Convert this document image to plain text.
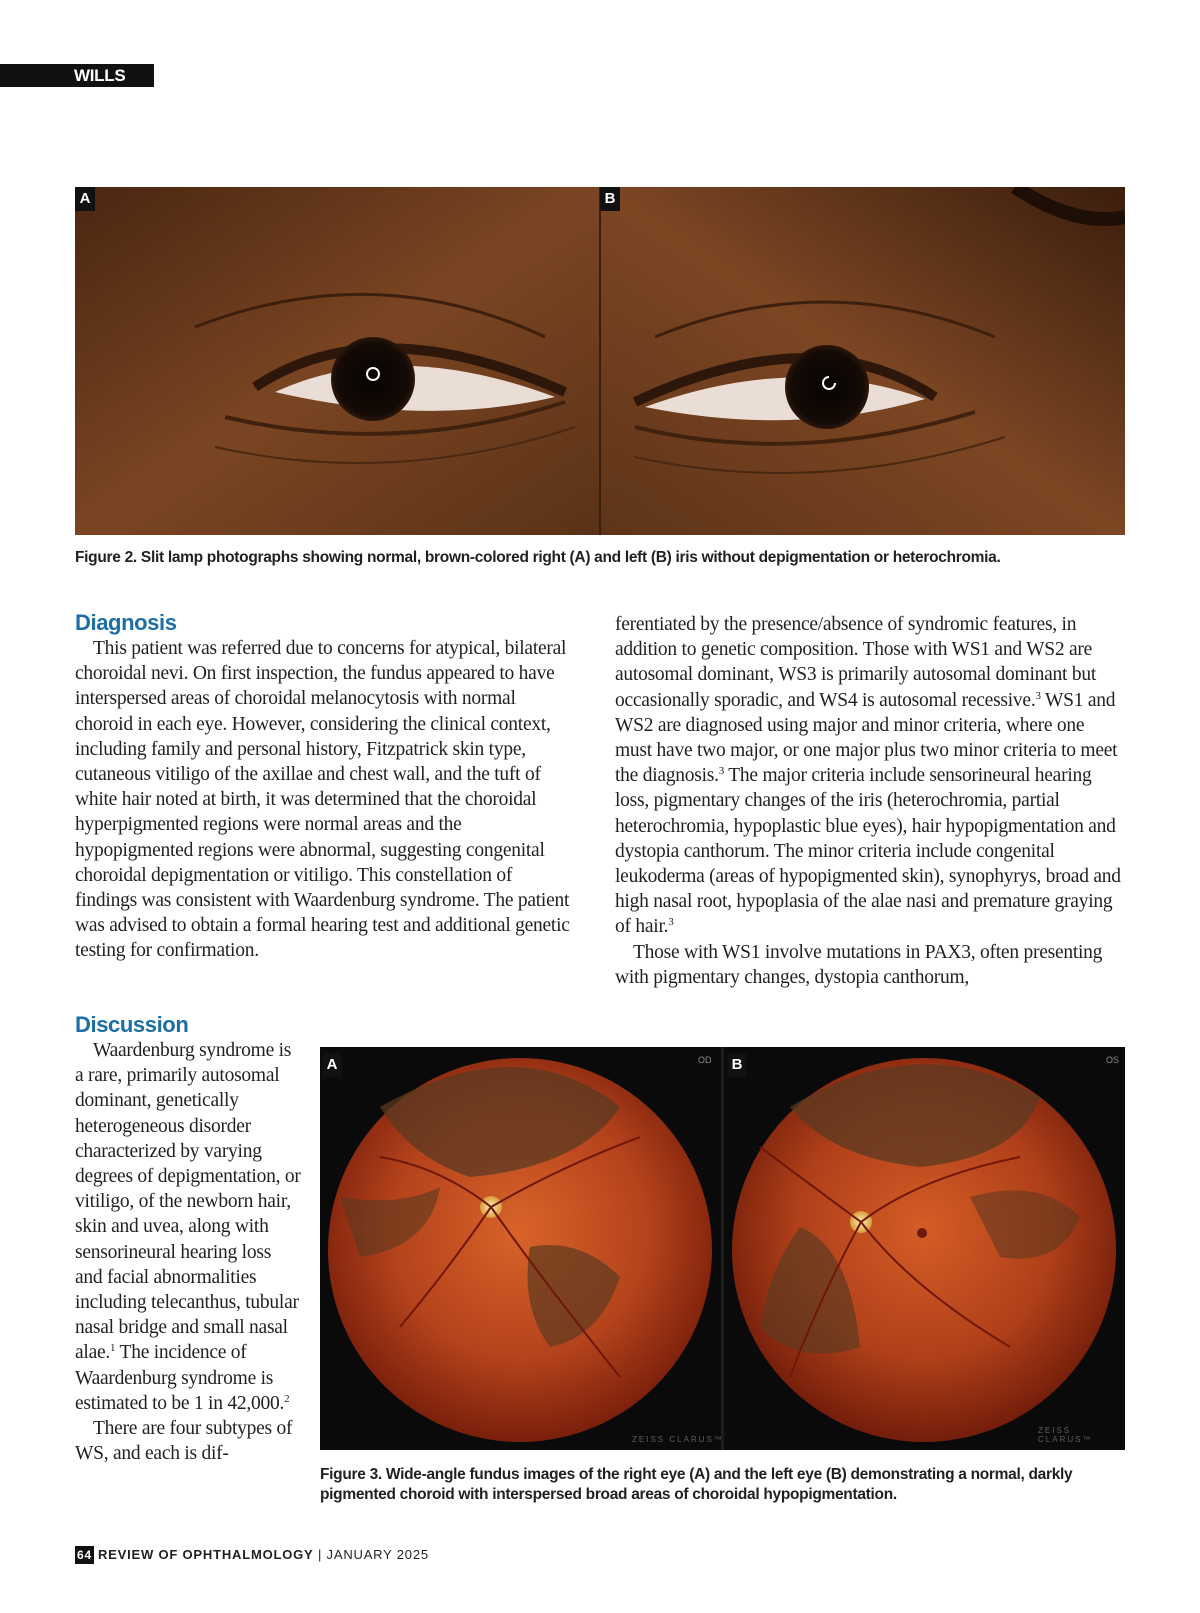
WILLS EYE
A	B
Figure 2. Slit lamp photographs showing normal, brown-colored right (A) and left (B) iris without depigmentation or heterochromia.
Diagnosis

This patient was referred due to concerns for atypical, bilateral choroidal nevi. On first inspection, the fundus appeared to have interspersed areas of choroidal melanocytosis with normal choroid in each eye. However, considering the clinical context, including family and personal history, Fitzpatrick skin type, cutaneous vitiligo of the axillae and chest wall, and the tuft of white hair noted at birth, it was determined that the choroidal hyperpigmented regions were normal areas and the hypopigmented regions were abnormal, suggesting congenital choroidal depigmentation or vitiligo. This constellation of findings was consistent with Waardenburg syndrome. The patient was advised to obtain a formal hearing test and additional genetic testing for confirmation.

ferentiated by the presence/absence of syndromic features, in addition to genetic composition. Those with WS1 and WS2 are autosomal dominant, WS3 is primarily autosomal dominant but occasionally sporadic, and WS4 is autosomal recessive.$^3$ WS1 and WS2 are diagnosed using major and minor criteria, where one must have two major, or one major plus two minor criteria to meet the diagnosis.$^3$ The major criteria include sensorineural hearing loss, pigmentary changes of the iris (heterochromia, partial heterochromia, hypoplastic blue eyes), hair hypopigmentation and dystopia canthorum. The minor criteria include congenital leukoderma (areas of hypopigmented skin), synophyrys, broad and high nasal root, hypoplasia of the alae nasi and premature graying of hair.$^3$

Those with WS1 involve mutations in PAX3, often presenting with pigmentary changes, dystopia canthorum,

Discussion

Waardenburg syndrome is a rare, primarily autosomal dominant, genetically heterogeneous disorder characterized by varying degrees of depigmentation, or vitiligo, of the newborn hair, skin and uvea, along with sensorineural hearing loss and facial abnormalities including telecanthus, tubular nasal bridge and small nasal alae.$^1$ The incidence of Waardenburg syndrome is estimated to be 1 in 42,000.$^2$

There are four subtypes of WS, and each is dif-

A	B
OD	OS
ZEISS CLARUS™
ZEISS CLARUS™
Figure 3. Wide-angle fundus images of the right eye (A) and the left eye (B) demonstrating a normal, darkly pigmented choroid with interspersed broad areas of choroidal hypopigmentation.
64 REVIEW OF OPHTHALMOLOGY | JANUARY 2025
